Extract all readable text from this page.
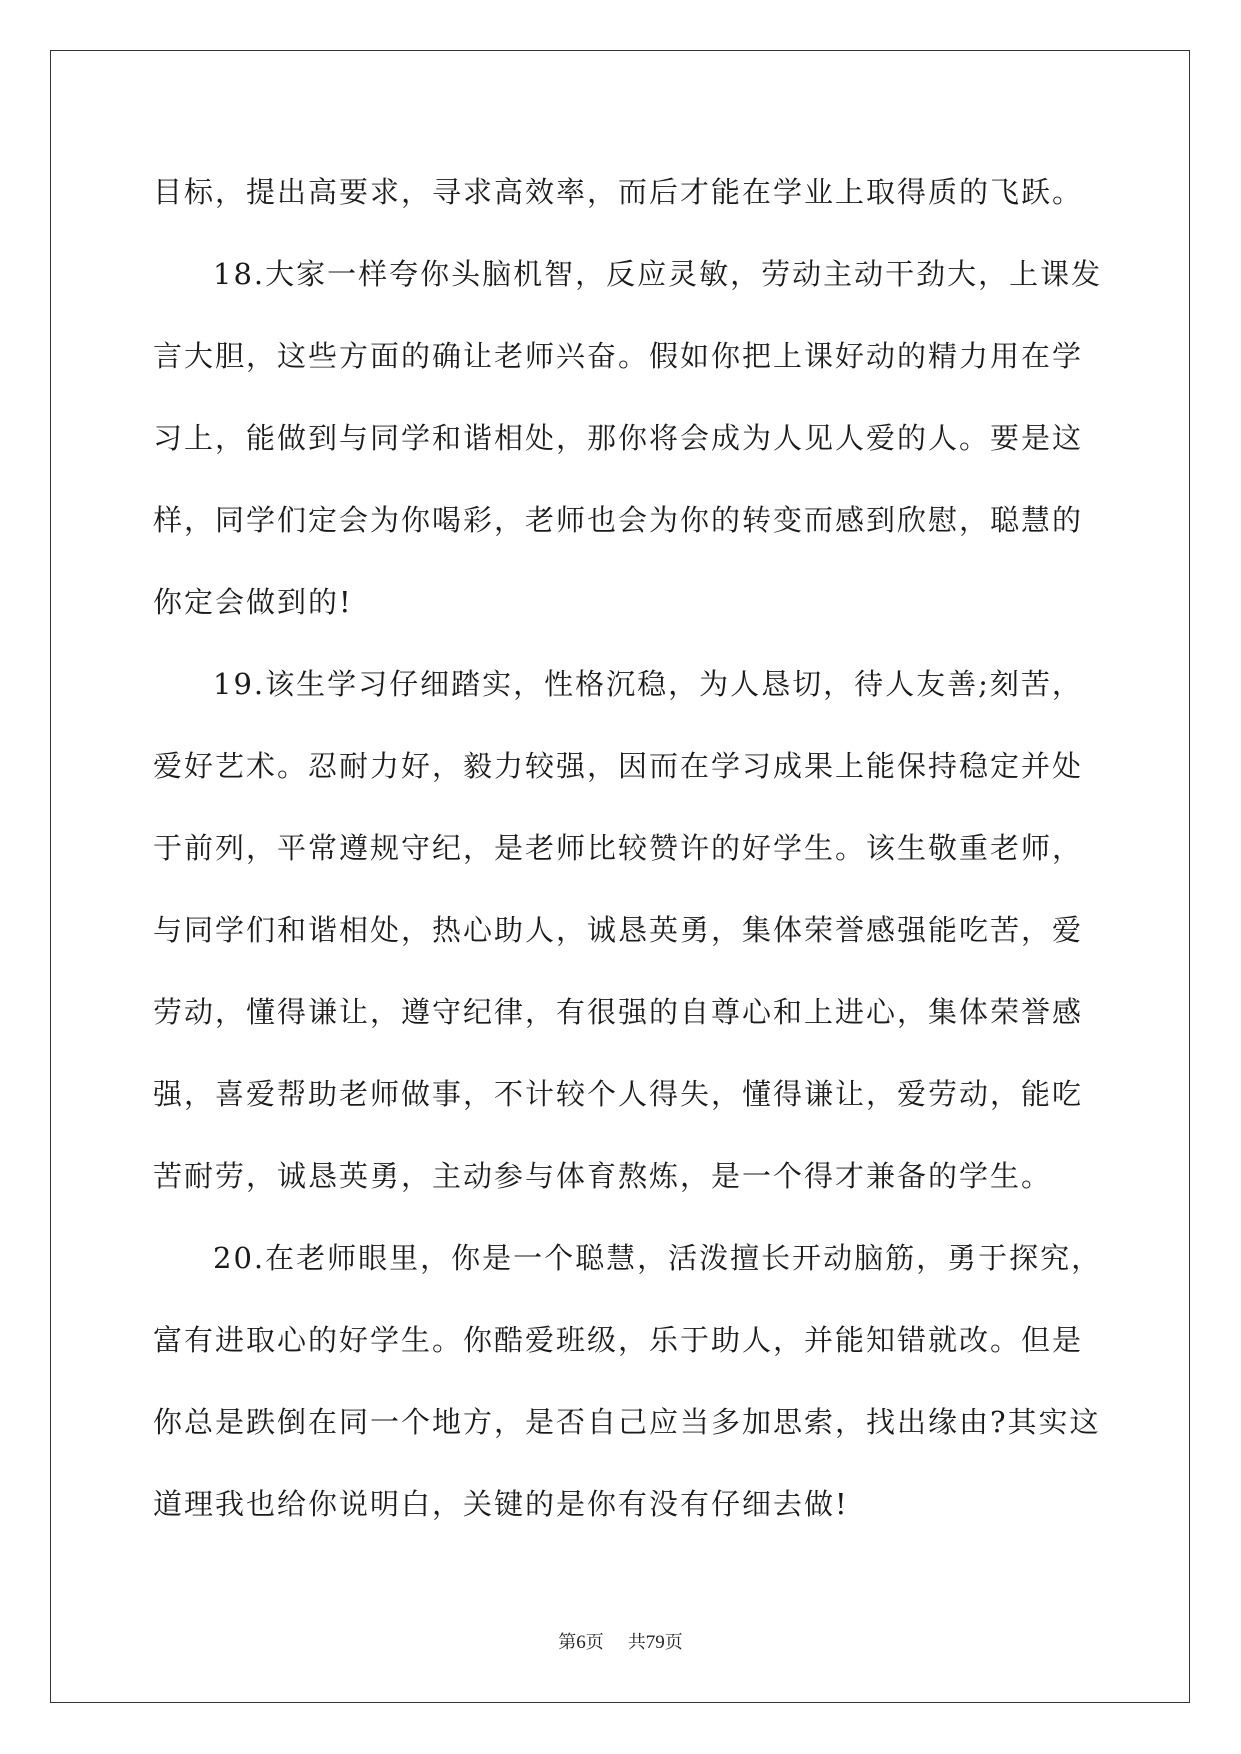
目标，提出高要求，寻求高效率，而后才能在学业上取得质的飞跃。
18.大家一样夸你头脑机智，反应灵敏，劳动主动干劲大，上课发
言大胆，这些方面的确让老师兴奋。假如你把上课好动的精力用在学
习上，能做到与同学和谐相处，那你将会成为人见人爱的人。要是这
样，同学们定会为你喝彩，老师也会为你的转变而感到欣慰，聪慧的
你定会做到的!
19.该生学习仔细踏实，性格沉稳，为人恳切，待人友善;刻苦，
爱好艺术。忍耐力好，毅力较强，因而在学习成果上能保持稳定并处
于前列，平常遵规守纪，是老师比较赞许的好学生。该生敬重老师，
与同学们和谐相处，热心助人，诚恳英勇，集体荣誉感强能吃苦，爱
劳动，懂得谦让，遵守纪律，有很强的自尊心和上进心，集体荣誉感
强，喜爱帮助老师做事，不计较个人得失，懂得谦让，爱劳动，能吃
苦耐劳，诚恳英勇，主动参与体育熬炼，是一个得才兼备的学生。
20.在老师眼里，你是一个聪慧，活泼擅长开动脑筋，勇于探究，
富有进取心的好学生。你酷爱班级，乐于助人，并能知错就改。但是
你总是跌倒在同一个地方，是否自己应当多加思索，找出缘由?其实这
道理我也给你说明白，关键的是你有没有仔细去做!
第6页 共79页
